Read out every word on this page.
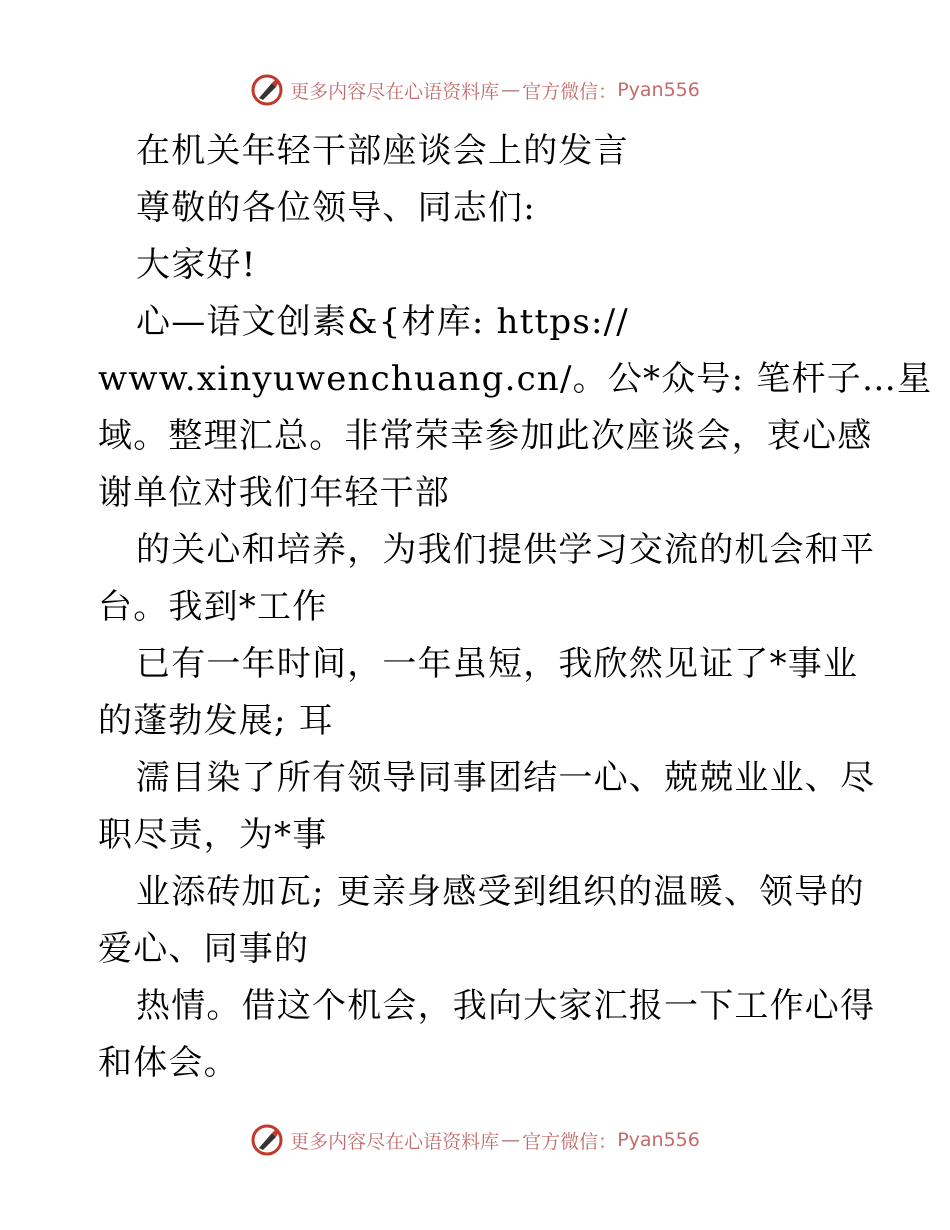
更多内容尽在心语资料库 — 官方微信： Pyan556
在机关年轻干部座谈会上的发言
尊敬的各位领导、同志们:
大家好!
心—语文创素&{材库: https://
www.xinyuwenchuang.cn/。公*众号: 笔杆子…星
域。整理汇总。非常荣幸参加此次座谈会，衷心感
谢单位对我们年轻干部
的关心和培养，为我们提供学习交流的机会和平
台。我到*工作
已有一年时间，一年虽短，我欣然见证了*事业
的蓬勃发展; 耳
濡目染了所有领导同事团结一心、兢兢业业、尽
职尽责，为*事
业添砖加瓦; 更亲身感受到组织的温暖、领导的
爱心、同事的
热情。借这个机会，我向大家汇报一下工作心得
和体会。
更多内容尽在心语资料库 — 官方微信： Pyan556
